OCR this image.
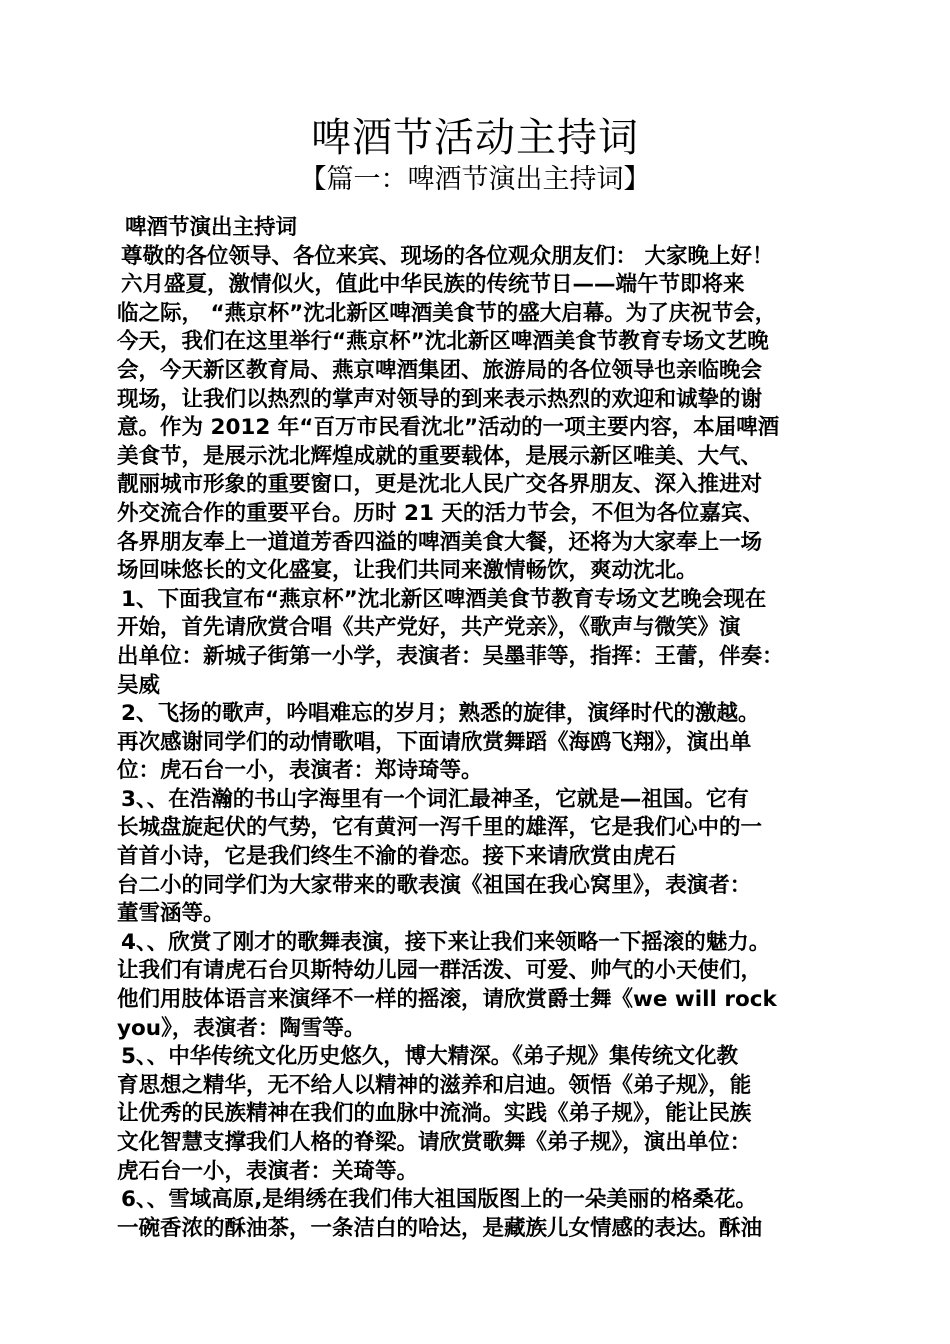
啤酒节活动主持词
【篇一：啤酒节演出主持词】
啤酒节演出主持词
尊敬的各位领导、各位来宾、现场的各位观众朋友们： 大家晚上好！
六月盛夏，激情似火，值此中华民族的传统节日——端午节即将来
临之际， “燕京杯”沈北新区啤酒美食节的盛大启幕。为了庆祝节会，
今天，我们在这里举行“燕京杯”沈北新区啤酒美食节教育专场文艺晚
会，今天新区教育局、燕京啤酒集团、旅游局的各位领导也亲临晚会
现场，让我们以热烈的掌声对领导的到来表示热烈的欢迎和诚挚的谢
意。作为 2012 年“百万市民看沈北”活动的一项主要内容，本届啤酒
美食节，是展示沈北辉煌成就的重要载体，是展示新区唯美、大气、
靓丽城市形象的重要窗口，更是沈北人民广交各界朋友、深入推进对
外交流合作的重要平台。历时 21 天的活力节会，不但为各位嘉宾、
各界朋友奉上一道道芳香四溢的啤酒美食大餐，还将为大家奉上一场
场回味悠长的文化盛宴，让我们共同来激情畅饮，爽动沈北。
1、下面我宣布“燕京杯”沈北新区啤酒美食节教育专场文艺晚会现在
开始，首先请欣赏合唱《共产党好，共产党亲》，《歌声与微笑》演
出单位：新城子街第一小学，表演者：吴墨菲等，指挥：王蕾，伴奏：
吴威
2、飞扬的歌声，吟唱难忘的岁月；熟悉的旋律，演绎时代的激越。
再次感谢同学们的动情歌唱，下面请欣赏舞蹈《海鸥飞翔》，演出单
位：虎石台一小，表演者：郑诗琦等。
3、、在浩瀚的书山字海里有一个词汇最神圣，它就是—祖国。它有
长城盘旋起伏的气势，它有黄河一泻千里的雄浑，它是我们心中的一
首首小诗，它是我们终生不渝的眷恋。接下来请欣赏由虎石
台二小的同学们为大家带来的歌表演《祖国在我心窝里》，表演者：
董雪涵等。
4、、欣赏了刚才的歌舞表演，接下来让我们来领略一下摇滚的魅力。
让我们有请虎石台贝斯特幼儿园一群活泼、可爱、帅气的小天使们，
他们用肢体语言来演绎不一样的摇滚，请欣赏爵士舞《we will rock
you》，表演者：陶雪等。
5、、中华传统文化历史悠久，博大精深。《弟子规》集传统文化教
育思想之精华，无不给人以精神的滋养和启迪。领悟《弟子规》，能
让优秀的民族精神在我们的血脉中流淌。实践《弟子规》，能让民族
文化智慧支撑我们人格的脊梁。请欣赏歌舞《弟子规》，演出单位：
虎石台一小，表演者：关琦等。
6、、雪域高原,是绢绣在我们伟大祖国版图上的一朵美丽的格桑花。
一碗香浓的酥油茶，一条洁白的哈达，是藏族儿女情感的表达。酥油
